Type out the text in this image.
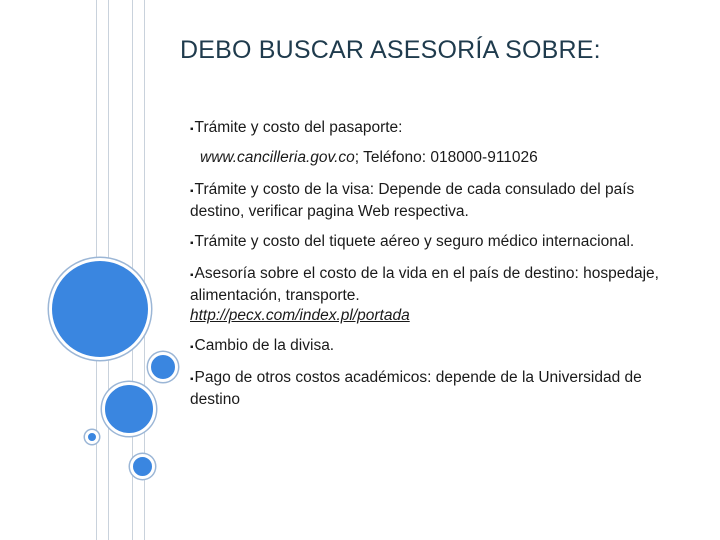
DEBO BUSCAR ASESORÍA SOBRE:
▪Trámite y costo del pasaporte:
www.cancilleria.gov.co; Teléfono: 018000-911026
▪Trámite y costo de la visa: Depende de cada consulado del país destino, verificar pagina Web respectiva.
▪Trámite y costo del tiquete aéreo y seguro médico internacional.
▪Asesoría sobre el costo de la vida en el país de destino: hospedaje, alimentación, transporte.
http://pecx.com/index.pl/portada
▪Cambio de la divisa.
▪Pago de otros costos académicos: depende de la Universidad de destino
